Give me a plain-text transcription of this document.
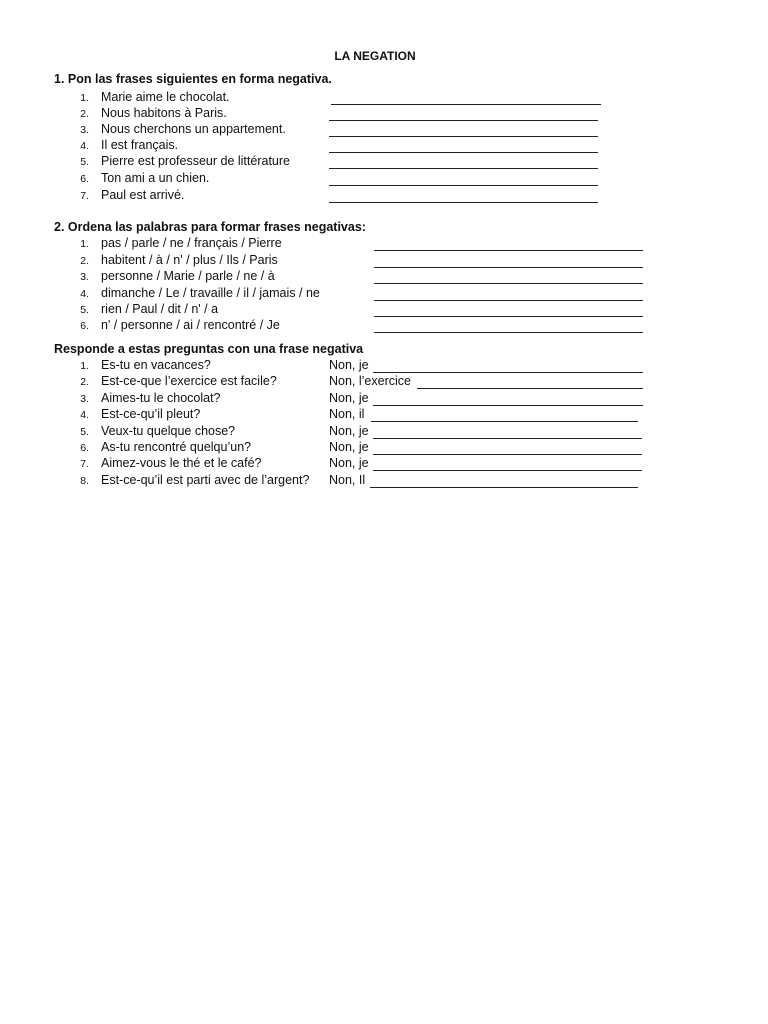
LA NEGATION
1. Pon las frases siguientes en forma negativa.
1. Marie aime le chocolat.
2. Nous habitons à Paris.
3. Nous cherchons un appartement.
4. Il est français.
5. Pierre est professeur de littérature
6. Ton ami a un chien.
7. Paul est arrivé.
2. Ordena las palabras para formar frases negativas:
1. pas / parle / ne / français / Pierre
2. habitent / à / n' / plus / Ils / Paris
3. personne / Marie / parle / ne / à
4. dimanche / Le / travaille / il / jamais / ne
5. rien / Paul / dit / n' / a
6. n' / personne / ai / rencontré / Je
Responde a estas preguntas con una frase negativa
1. Es-tu en vacances?	Non, je
2. Est-ce-que l’exercice est facile?	Non, l’exercice
3. Aimes-tu le chocolat?	Non, je
4. Est-ce-qu’il pleut?	Non, il
5. Veux-tu quelque chose?	Non, je
6. As-tu rencontré quelqu’un?	Non, je
7. Aimez-vous le thé et le café?	Non, je
8. Est-ce-qu’il est parti avec de l’argent? Non, Il
